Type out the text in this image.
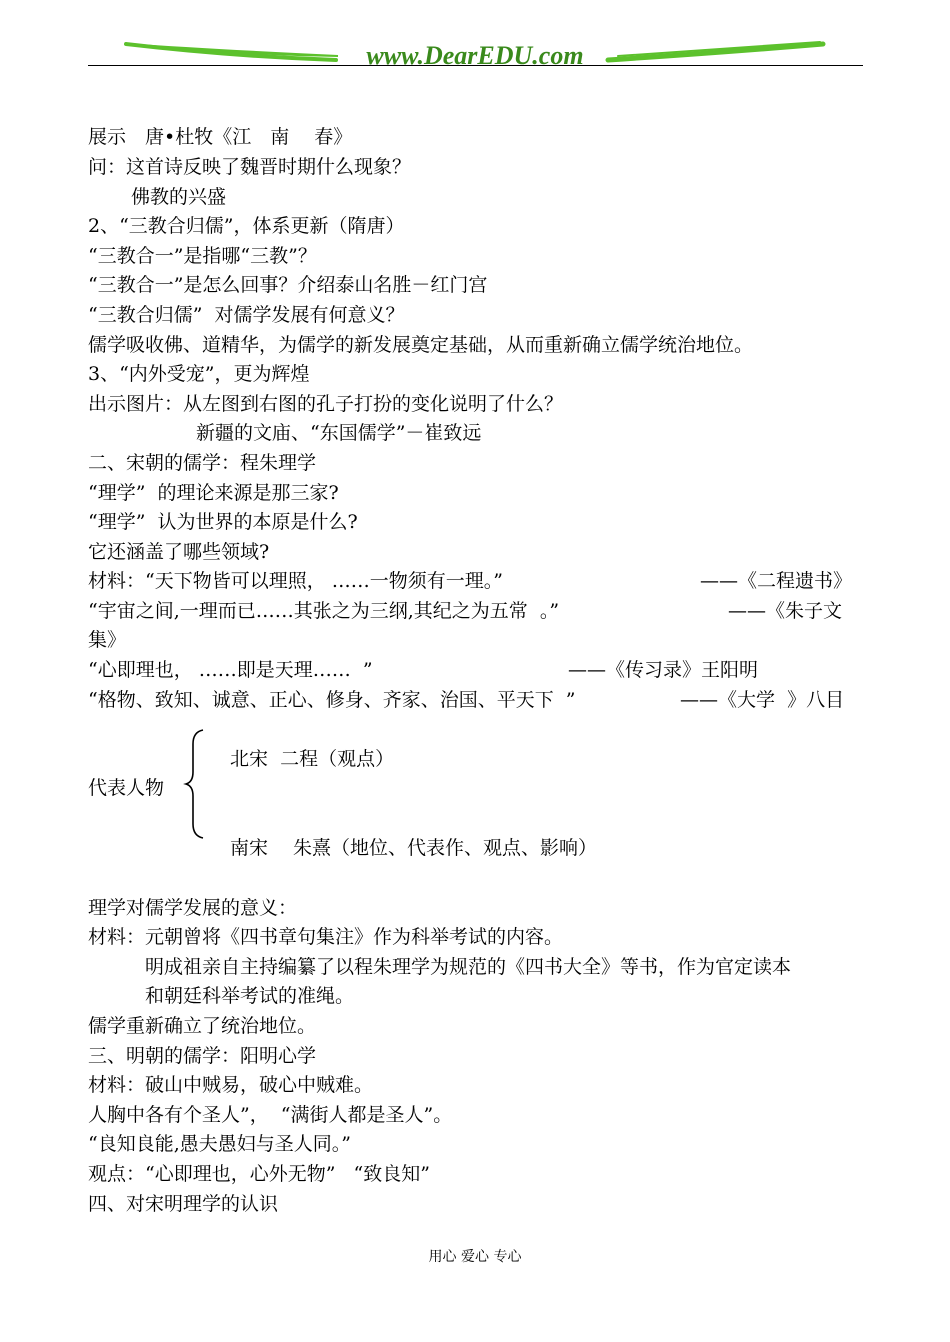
www.DearEDU.com
展示　唐•杜牧《江　南　 春》
问：这首诗反映了魏晋时期什么现象？
佛教的兴盛
2、“三教合归儒”，体系更新（隋唐）
“三教合一”是指哪“三教”？
“三教合一”是怎么回事？介绍泰山名胜－红门宫
“三教合归儒”  对儒学发展有何意义？
儒学吸收佛、道精华，为儒学的新发展奠定基础，从而重新确立儒学统治地位。
3、“内外受宠”，更为辉煌
出示图片：从左图到右图的孔子打扮的变化说明了什么？
新疆的文庙、“东国儒学”－崔致远
二、宋朝的儒学：程朱理学
“理学”  的理论来源是那三家?
“理学”  认为世界的本原是什么?
它还涵盖了哪些领域?
材料：“天下物皆可以理照， ‥‥‥一物须有一理。”	——《二程遗书》
“宇宙之间,一理而已‥‥‥其张之为三纲,其纪之为五常  。”	——《朱子文
集》
“心即理也， ‥‥‥即是天理‥‥‥  ”	——《传习录》王阳明
“格物、致知、诚意、正心、修身、齐家、治国、平天下  ”	——《大学  》八目
北宋  二程（观点）
代表人物
南宋　 朱熹（地位、代表作、观点、影响）
理学对儒学发展的意义：
材料：元朝曾将《四书章句集注》作为科举考试的内容。
明成祖亲自主持编纂了以程朱理学为规范的《四书大全》等书，作为官定读本
和朝廷科举考试的准绳。
儒学重新确立了统治地位。
三、明朝的儒学：阳明心学
材料：破山中贼易，破心中贼难。
人胸中各有个圣人”，  “满街人都是圣人”。
“良知良能,愚夫愚妇与圣人同。”
观点：“心即理也，心外无物”   “致良知”
四、对宋明理学的认识
用心 爱心 专心
